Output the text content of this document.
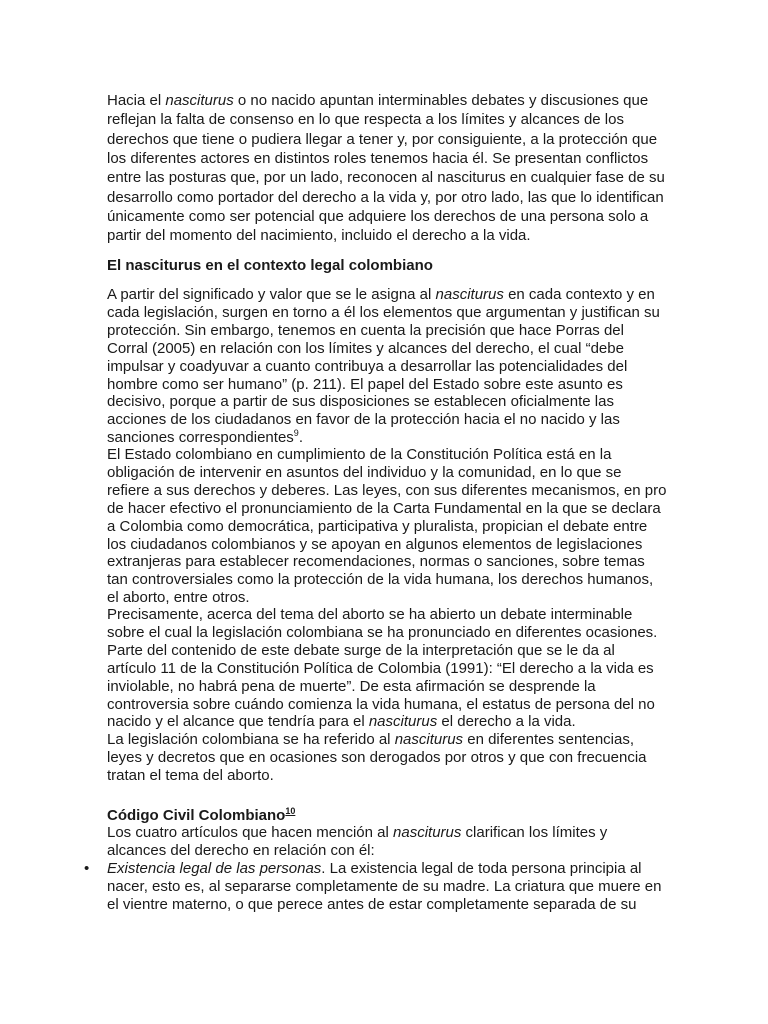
Hacia el nasciturus o no nacido apuntan interminables debates y discusiones que reflejan la falta de consenso en lo que respecta a los límites y alcances de los derechos que tiene o pudiera llegar a tener y, por consiguiente, a la protección que los diferentes actores en distintos roles tenemos hacia él. Se presentan conflictos entre las posturas que, por un lado, reconocen al nasciturus en cualquier fase de su desarrollo como portador del derecho a la vida y, por otro lado, las que lo identifican únicamente como ser potencial que adquiere los derechos de una persona solo a partir del momento del nacimiento, incluido el derecho a la vida.

El nasciturus en el contexto legal colombiano

A partir del significado y valor que se le asigna al nasciturus en cada contexto y en cada legislación, surgen en torno a él los elementos que argumentan y justifican su protección. Sin embargo, tenemos en cuenta la precisión que hace Porras del Corral (2005) en relación con los límites y alcances del derecho, el cual “debe impulsar y coadyuvar a cuanto contribuya a desarrollar las potencialidades del hombre como ser humano” (p. 211). El papel del Estado sobre este asunto es decisivo, porque a partir de sus disposiciones se establecen oficialmente las acciones de los ciudadanos en favor de la protección hacia el no nacido y las sanciones correspondientes$^9$.

El Estado colombiano en cumplimiento de la Constitución Política está en la obligación de intervenir en asuntos del individuo y la comunidad, en lo que se refiere a sus derechos y deberes. Las leyes, con sus diferentes mecanismos, en pro de hacer efectivo el pronunciamiento de la Carta Fundamental en la que se declara a Colombia como democrática, participativa y pluralista, propician el debate entre los ciudadanos colombianos y se apoyan en algunos elementos de legislaciones extranjeras para establecer recomendaciones, normas o sanciones, sobre temas tan controversiales como la protección de la vida humana, los derechos humanos, el aborto, entre otros.

Precisamente, acerca del tema del aborto se ha abierto un debate interminable sobre el cual la legislación colombiana se ha pronunciado en diferentes ocasiones. Parte del contenido de este debate surge de la interpretación que se le da al artículo 11 de la Constitución Política de Colombia (1991): “El derecho a la vida es inviolable, no habrá pena de muerte”. De esta afirmación se desprende la controversia sobre cuándo comienza la vida humana, el estatus de persona del no nacido y el alcance que tendría para el nasciturus el derecho a la vida.

La legislación colombiana se ha referido al nasciturus en diferentes sentencias, leyes y decretos que en ocasiones son derogados por otros y que con frecuencia tratan el tema del aborto.

Código Civil Colombiano$^{10}$

Los cuatro artículos que hacen mención al nasciturus clarifican los límites y alcances del derecho en relación con él:

• Existencia legal de las personas. La existencia legal de toda persona principia al nacer, esto es, al separarse completamente de su madre. La criatura que muere en el vientre materno, o que perece antes de estar completamente separada de su
